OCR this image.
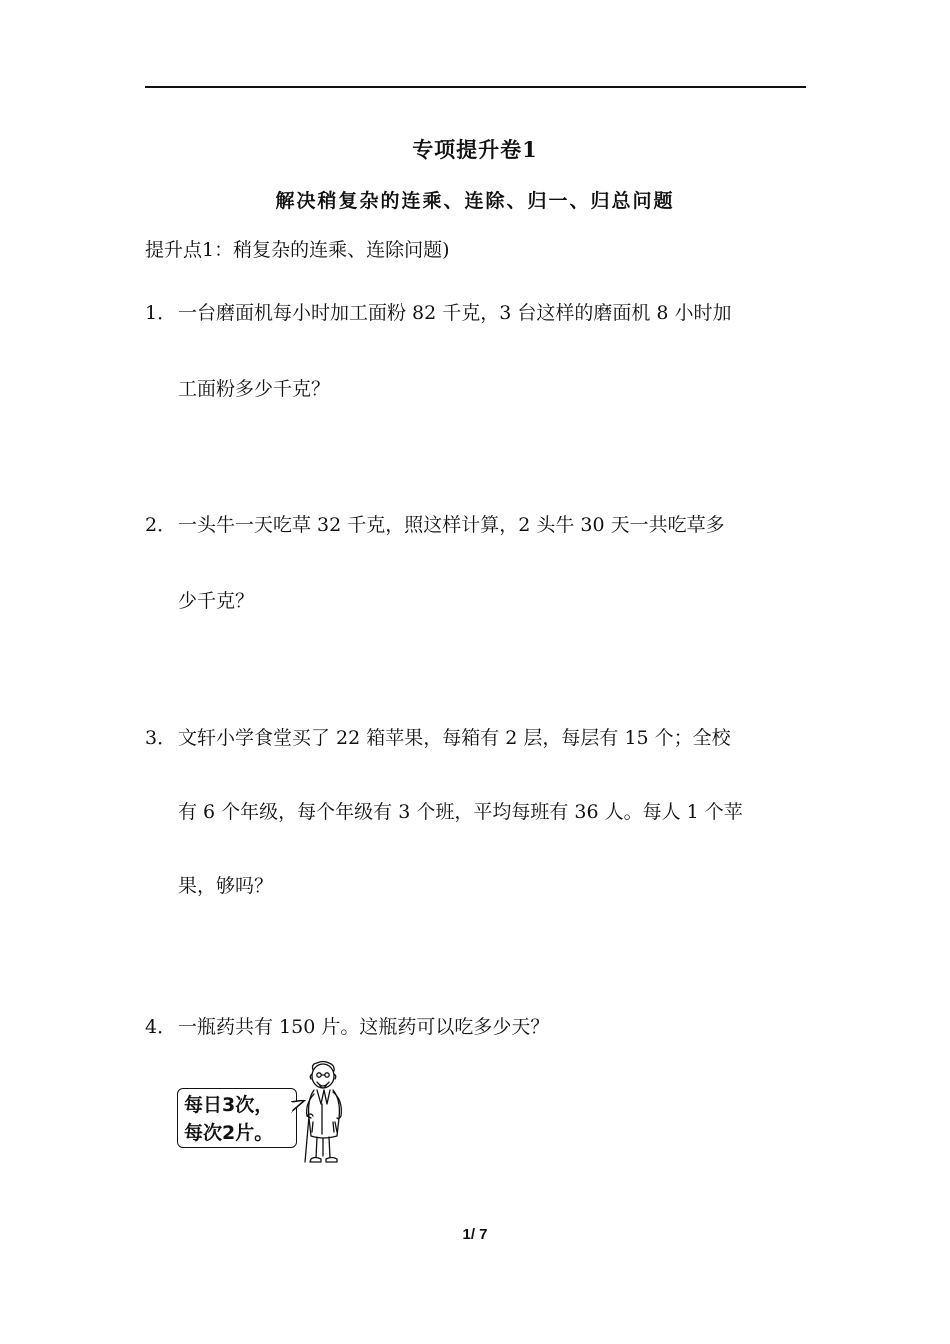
专项提升卷1
解决稍复杂的连乘、连除、归一、归总问题
提升点1：稍复杂的连乘、连除问题)
1． 一台磨面机每小时加工面粉 82 千克，3 台这样的磨面机 8 小时加
工面粉多少千克？
2． 一头牛一天吃草 32 千克，照这样计算，2 头牛 30 天一共吃草多
少千克？
3． 文轩小学食堂买了 22 箱苹果，每箱有 2 层，每层有 15 个；全校
有 6 个年级，每个年级有 3 个班，平均每班有 36 人。每人 1 个苹
果，够吗？
4． 一瓶药共有 150 片。这瓶药可以吃多少天？
每日3次，
每次2片。
1/ 7
